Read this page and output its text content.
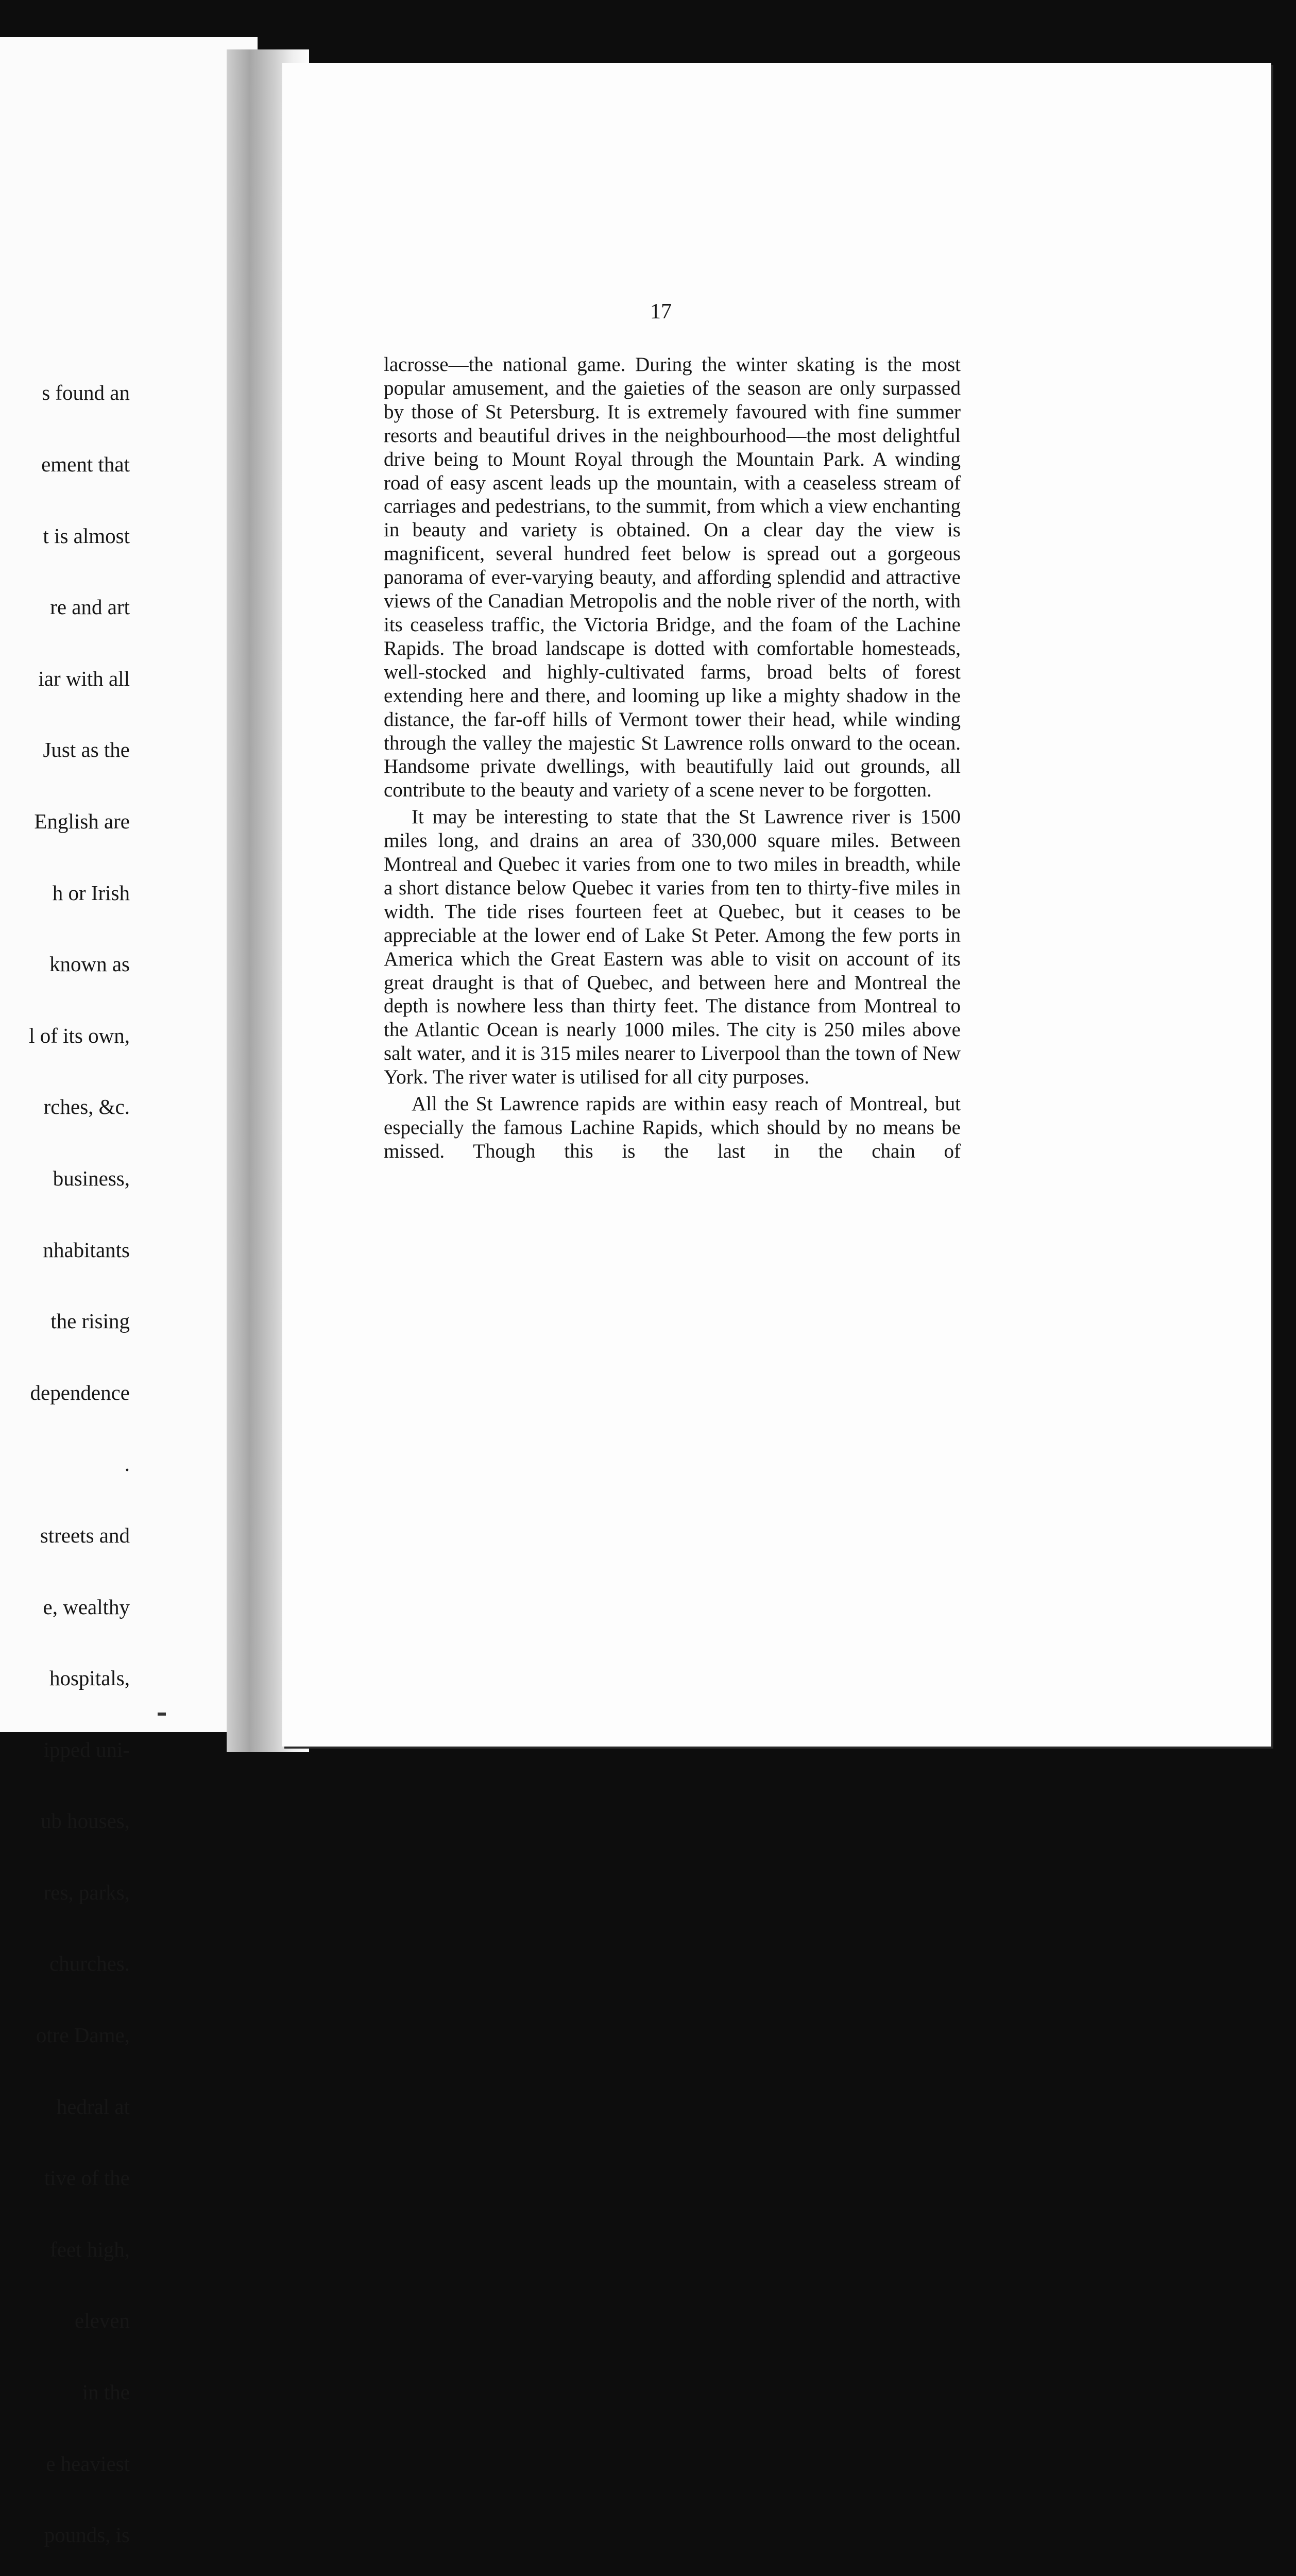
s found an

ement that

t is almost

re and art

iar with all

Just as the

English are

h or Irish

known as

l of its own,

rches, &c.

business,

nhabitants

the rising

dependence

.

streets and

e, wealthy

hospitals,

ipped uni-

ub houses,

res, parks,

churches.

otre Dame,

hedral at

tive of the

feet high,

eleven

in the

e heaviest

pounds, is

17

lacrosse—the national game. During the winter skating is the most popular amusement, and the gaieties of the season are only surpassed by those of St Petersburg. It is extremely favoured with fine summer resorts and beautiful drives in the neighbourhood—the most delightful drive being to Mount Royal through the Mountain Park. A winding road of easy ascent leads up the mountain, with a ceaseless stream of carriages and pedestrians, to the summit, from which a view enchanting in beauty and variety is obtained. On a clear day the view is magnificent, several hundred feet below is spread out a gorgeous panorama of ever-varying beauty, and affording splendid and attractive views of the Canadian Metropolis and the noble river of the north, with its ceaseless traffic, the Victoria Bridge, and the foam of the Lachine Rapids. The broad landscape is dotted with comfortable homesteads, well-stocked and highly-cultivated farms, broad belts of forest extending here and there, and looming up like a mighty shadow in the distance, the far-off hills of Vermont tower their head, while winding through the valley the majestic St Lawrence rolls onward to the ocean. Handsome private dwellings, with beautifully laid out grounds, all contribute to the beauty and variety of a scene never to be forgotten.

It may be interesting to state that the St Lawrence river is 1500 miles long, and drains an area of 330,000 square miles. Between Montreal and Quebec it varies from one to two miles in breadth, while a short distance below Quebec it varies from ten to thirty-five miles in width. The tide rises fourteen feet at Quebec, but it ceases to be appreciable at the lower end of Lake St Peter. Among the few ports in America which the Great Eastern was able to visit on account of its great draught is that of Quebec, and between here and Montreal the depth is nowhere less than thirty feet. The distance from Montreal to the Atlantic Ocean is nearly 1000 miles. The city is 250 miles above salt water, and it is 315 miles nearer to Liverpool than the town of New York. The river water is utilised for all city purposes.

All the St Lawrence rapids are within easy reach of Montreal, but especially the famous Lachine Rapids, which should by no means be missed. Though this is the last in the chain of
